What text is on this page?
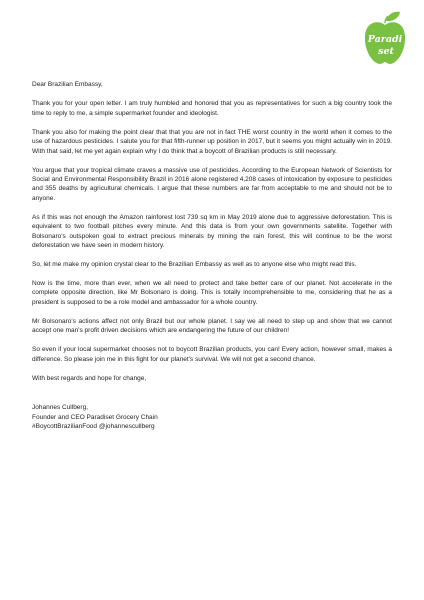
Paradi
set

Dear Brazilian Embassy,

Thank you for your open letter. I am truly humbled and honored that you as representatives for such a big country took the time to reply to me, a simple supermarket founder and ideologist.

Thank you also for making the point clear that that you are not in fact THE worst country in the world when it comes to the use of hazardous pesticides. I salute you for that fifth-runner up position in 2017, but it seems you might actually win in 2019. With that said, let me yet again explain why I do think that a boycott of Brazilian products is still necessary.

You argue that your tropical climate craves a massive use of pesticides. According to the European Network of Scientists for Social and Environmental Responsibility Brazil in 2016 alone registered 4,208 cases of intoxication by exposure to pesticides and 355 deaths by agricultural chemicals. I argue that these numbers are far from acceptable to me and should not be to anyone.

As if this was not enough the Amazon rainforest lost 739 sq km in May 2019 alone due to aggressive deforestation. This is equivalent to two football pitches every minute. And this data is from your own governments satellite. Together with Bolsonaro's outspoken goal to extract precious minerals by mining the rain forest, this will continue to be the worst deforestation we have seen in modern history.

So, let me make my opinion crystal clear to the Brazilian Embassy as well as to anyone else who might read this.

Now is the time, more than ever, when we all need to protect and take better care of our planet. Not accelerate in the complete opposite direction, like Mr Bolsonaro is doing. This is totally incomprehensible to me, considering that he as a president is supposed to be a role model and ambassador for a whole country.

Mr Bolsonaro's actions affect not only Brazil but our whole planet. I say we all need to step up and show that we cannot accept one man's profit driven decisions which are endangering the future of our children!

So even if your local supermarket chooses not to boycott Brazilian products, you can! Every action, however small, makes a difference. So please join me in this fight for our planet's survival. We will not get a second chance.

With best regards and hope for change,

Johannes Cullberg,
Founder and CEO Paradiset Grocery Chain
#BoycottBrazilianFood @johannescullberg
